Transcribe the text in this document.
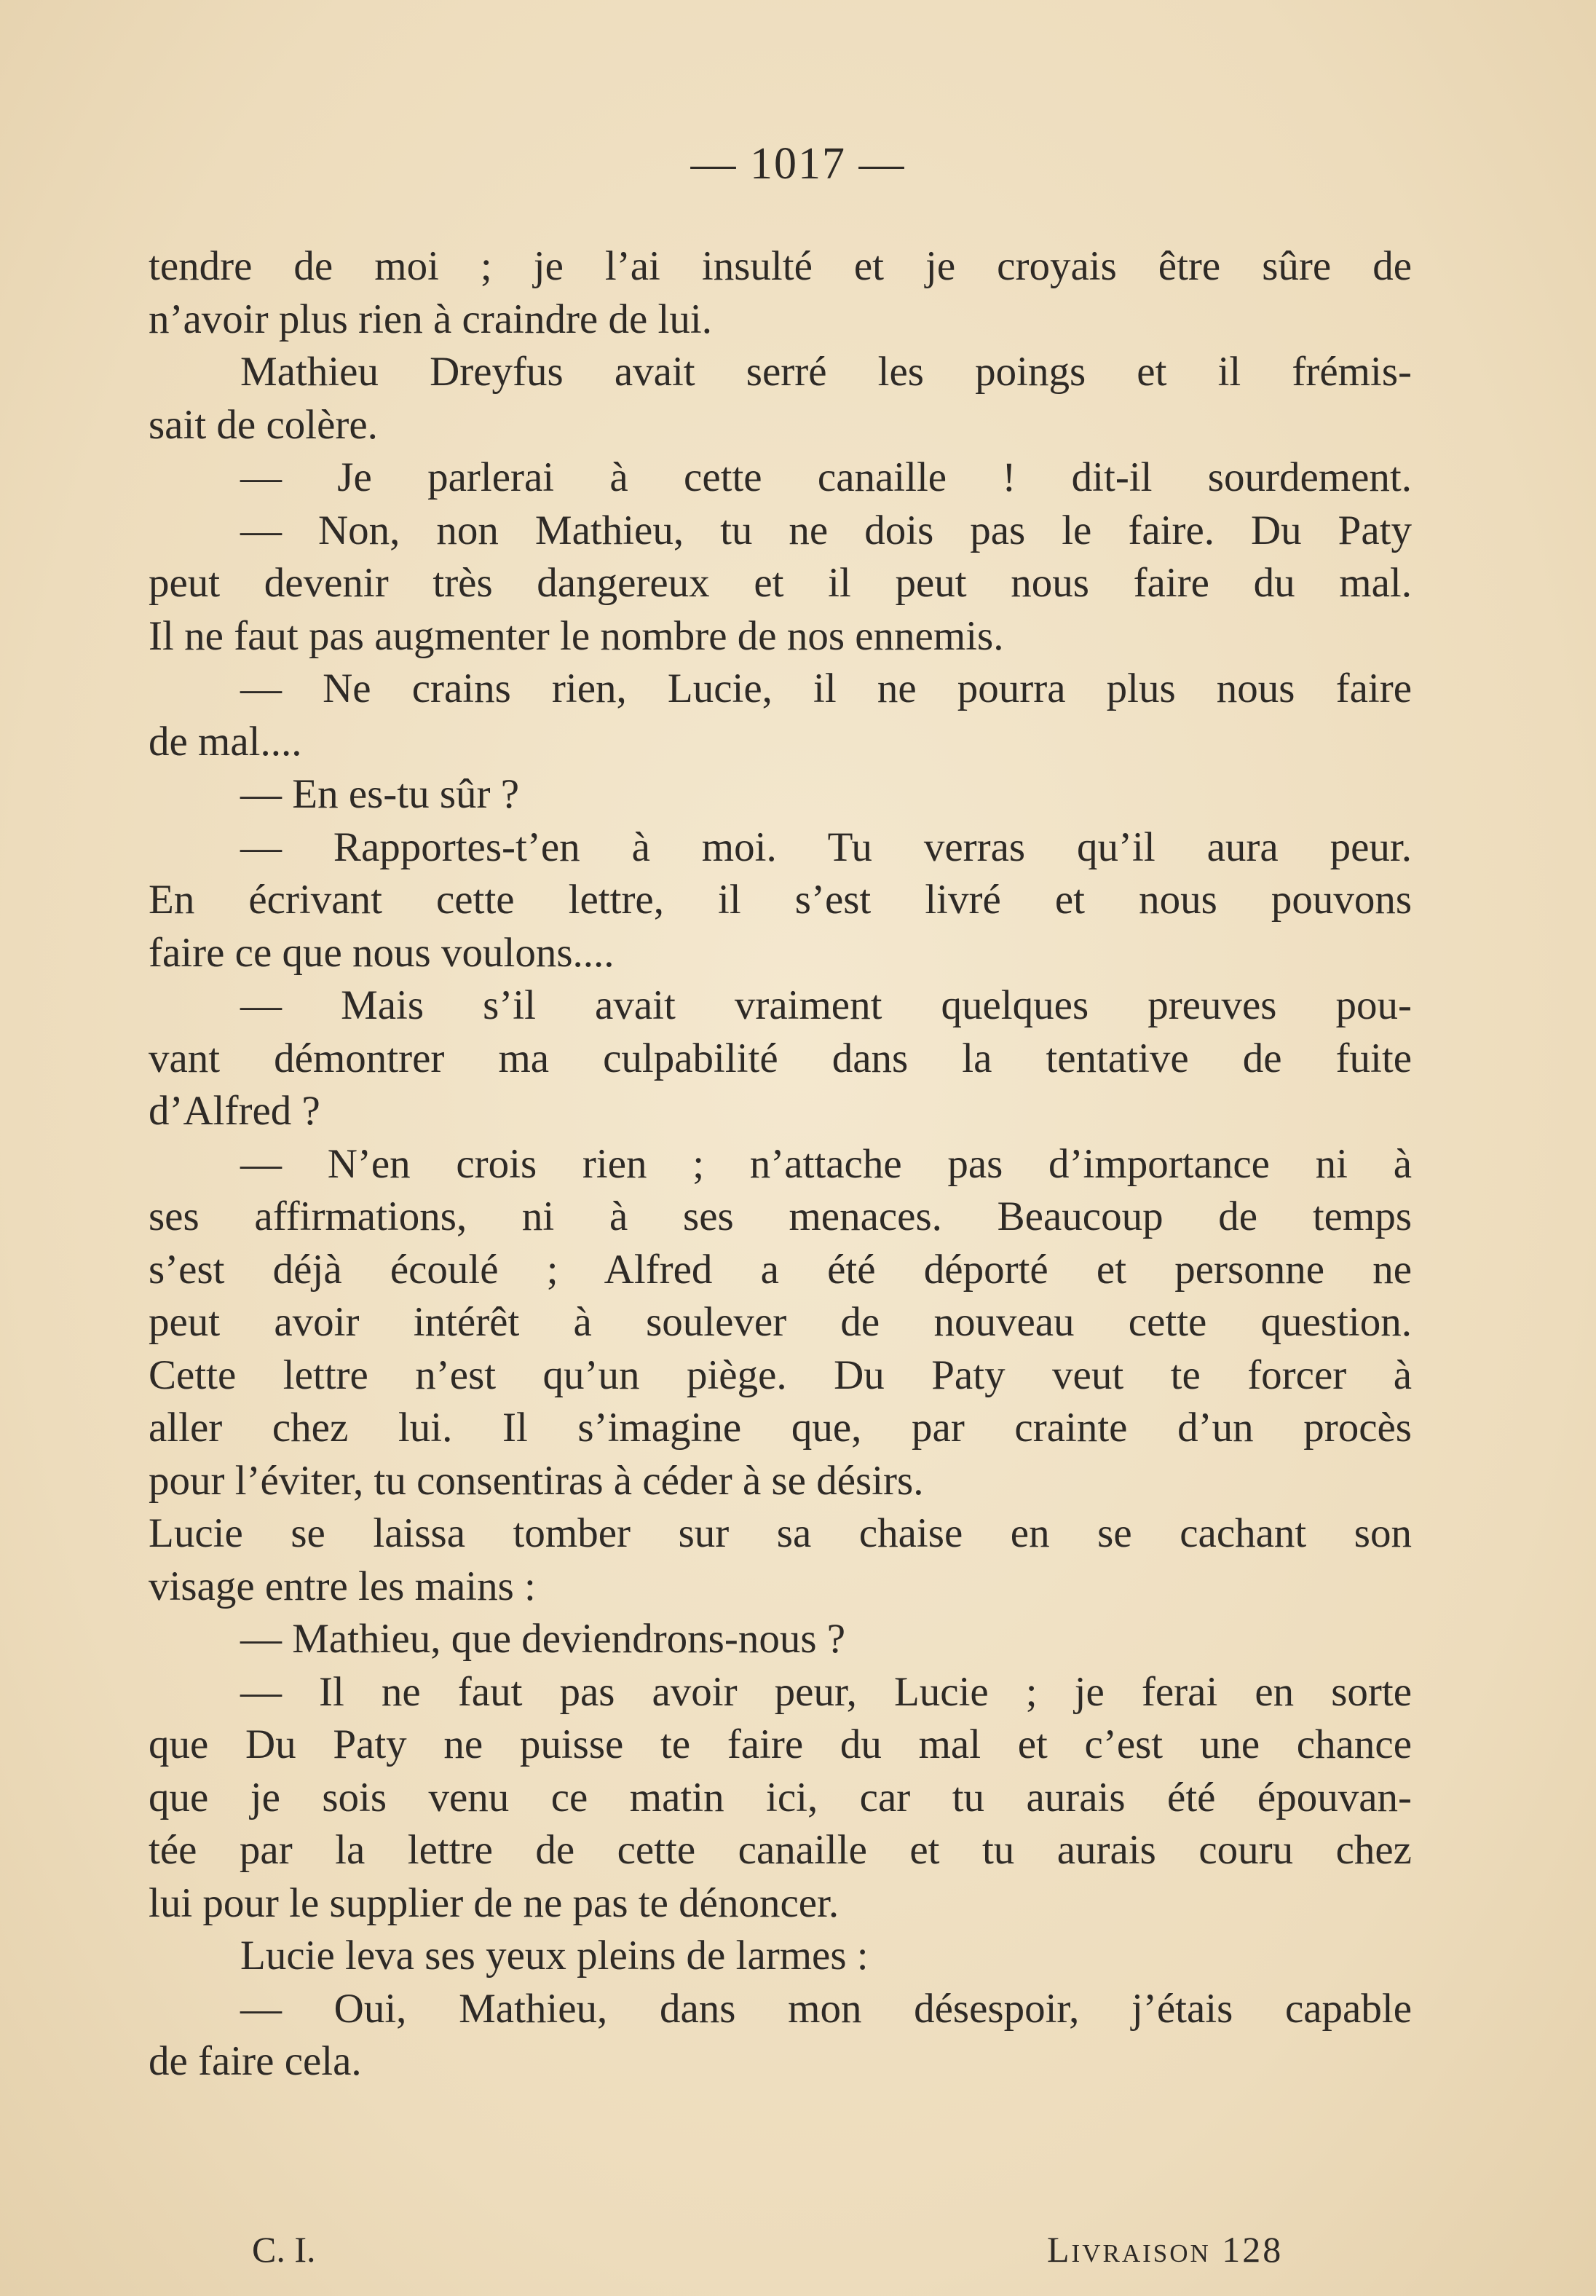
— 1017 —
tendre de moi ; je l’ai insulté et je croyais être sûre de
n’avoir plus rien à craindre de lui.
Mathieu Dreyfus avait serré les poings et il frémis-
sait de colère.
— Je parlerai à cette canaille ! dit-il sourdement.
— Non, non Mathieu, tu ne dois pas le faire. Du Paty
peut devenir très dangereux et il peut nous faire du mal.
Il ne faut pas augmenter le nombre de nos ennemis.
— Ne crains rien, Lucie, il ne pourra plus nous faire
de mal....
— En es-tu sûr ?
— Rapportes-t’en à moi. Tu verras qu’il aura peur.
En écrivant cette lettre, il s’est livré et nous pouvons
faire ce que nous voulons....
— Mais s’il avait vraiment quelques preuves pou-
vant démontrer ma culpabilité dans la tentative de fuite
d’Alfred ?
— N’en crois rien ; n’attache pas d’importance ni à
ses affirmations, ni à ses menaces. Beaucoup de temps
s’est déjà écoulé ; Alfred a été déporté et personne ne
peut avoir intérêt à soulever de nouveau cette question.
Cette lettre n’est qu’un piège. Du Paty veut te forcer à
aller chez lui. Il s’imagine que, par crainte d’un procès
pour l’éviter, tu consentiras à céder à se désirs.
Lucie se laissa tomber sur sa chaise en se cachant son
visage entre les mains :
— Mathieu, que deviendrons-nous ?
— Il ne faut pas avoir peur, Lucie ; je ferai en sorte
que Du Paty ne puisse te faire du mal et c’est une chance
que je sois venu ce matin ici, car tu aurais été épouvan-
tée par la lettre de cette canaille et tu aurais couru chez
lui pour le supplier de ne pas te dénoncer.
Lucie leva ses yeux pleins de larmes :
— Oui, Mathieu, dans mon désespoir, j’étais capable
de faire cela.
C. I.	Livraison 128
